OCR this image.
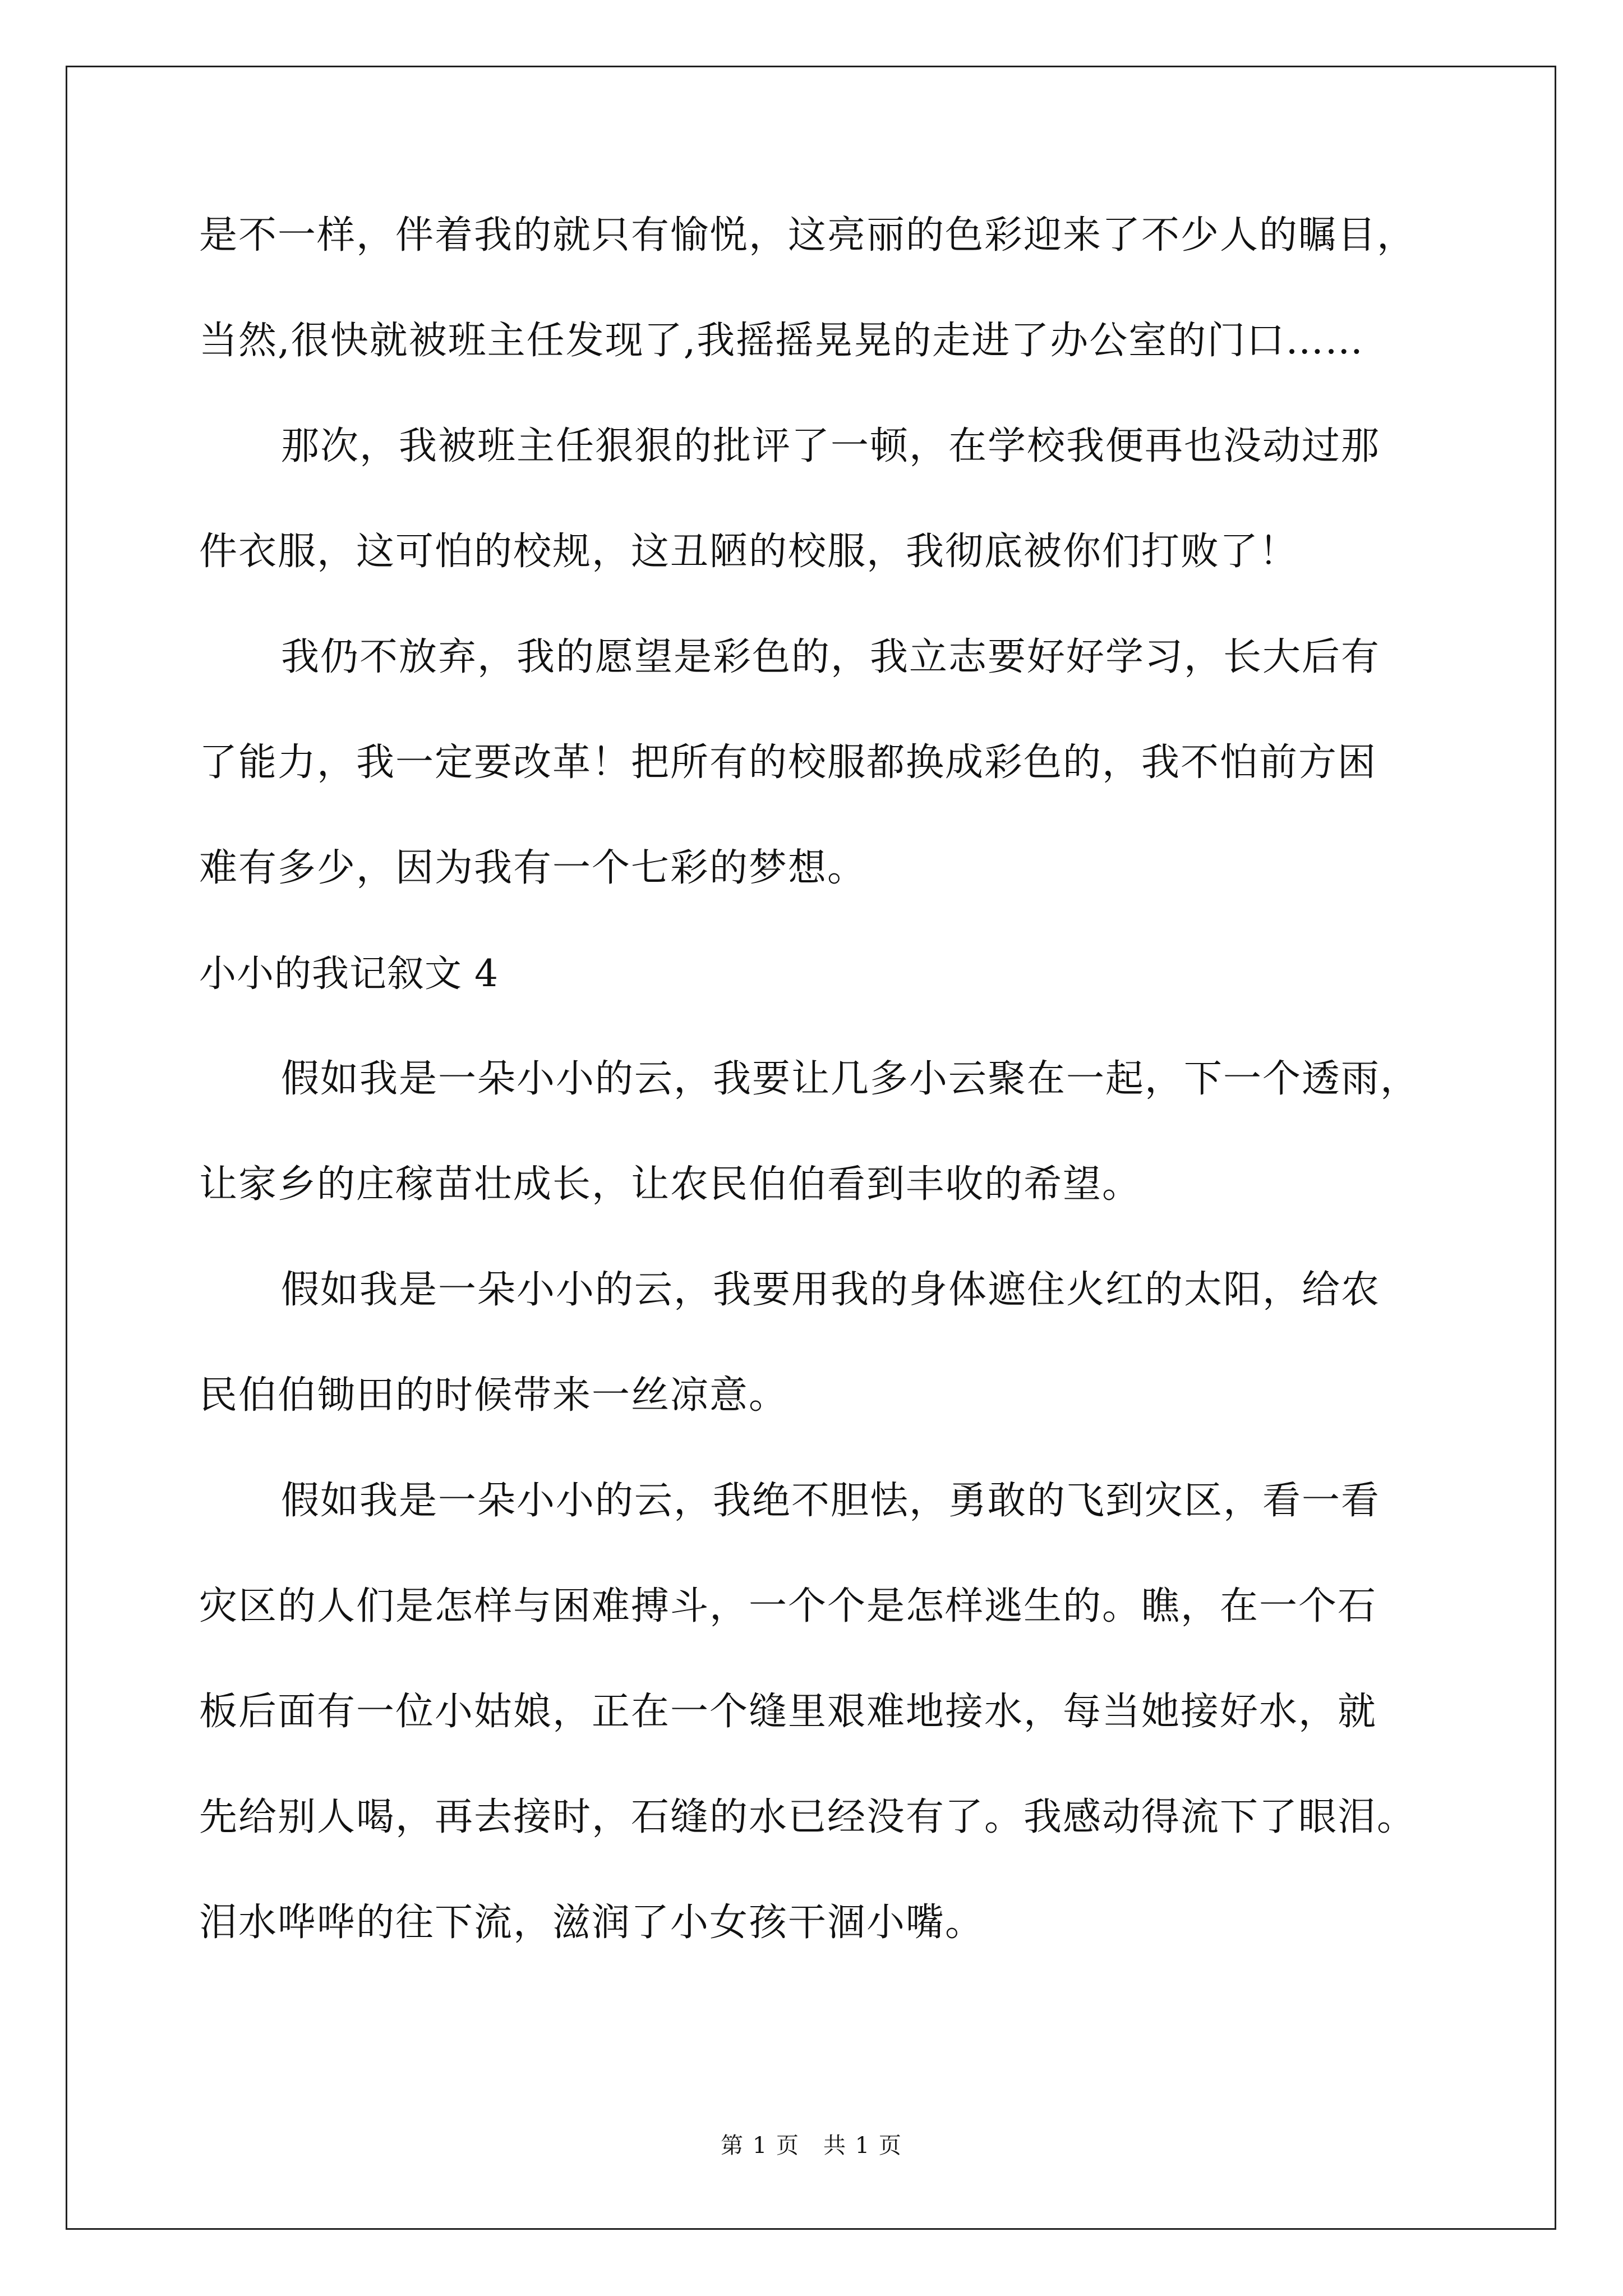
是不一样，伴着我的就只有愉悦，这亮丽的色彩迎来了不少人的瞩目，
当然,很快就被班主任发现了,我摇摇晃晃的走进了办公室的门口……
那次，我被班主任狠狠的批评了一顿，在学校我便再也没动过那
件衣服，这可怕的校规，这丑陋的校服，我彻底被你们打败了！
我仍不放弃，我的愿望是彩色的，我立志要好好学习，长大后有
了能力，我一定要改革！把所有的校服都换成彩色的，我不怕前方困
难有多少，因为我有一个七彩的梦想。
小小的我记叙文 4
假如我是一朵小小的云，我要让几多小云聚在一起，下一个透雨，
让家乡的庄稼苗壮成长，让农民伯伯看到丰收的希望。
假如我是一朵小小的云，我要用我的身体遮住火红的太阳，给农
民伯伯锄田的时候带来一丝凉意。
假如我是一朵小小的云，我绝不胆怯，勇敢的飞到灾区，看一看
灾区的人们是怎样与困难搏斗，一个个是怎样逃生的。瞧，在一个石
板后面有一位小姑娘，正在一个缝里艰难地接水，每当她接好水，就
先给别人喝，再去接时，石缝的水已经没有了。我感动得流下了眼泪。
泪水哗哗的往下流，滋润了小女孩干涸小嘴。
第 1 页　共 1 页
